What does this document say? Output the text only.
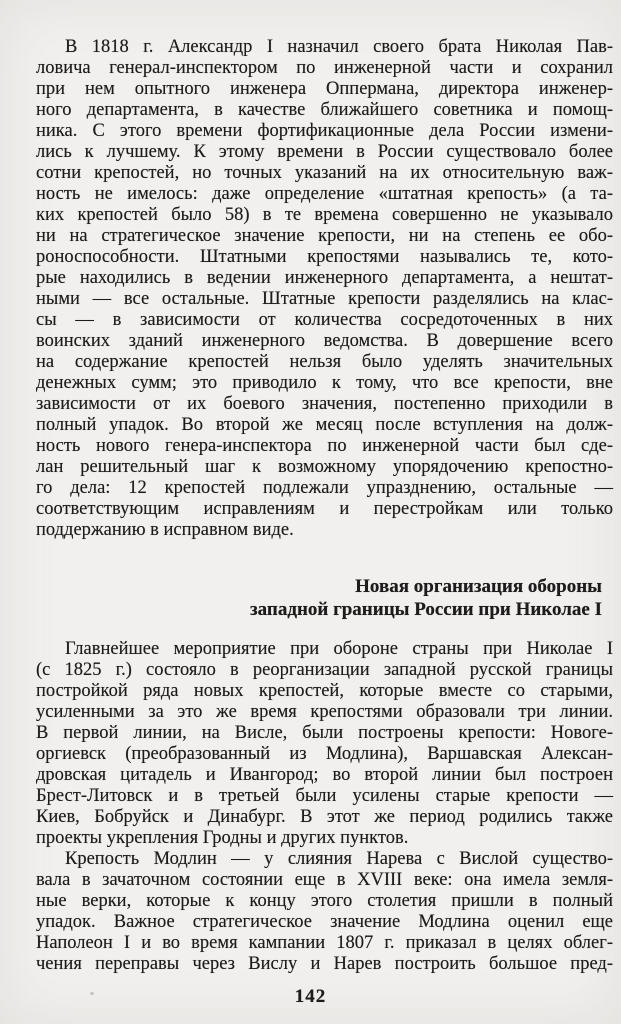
В 1818 г. Александр I назначил своего брата Николая Пав-
ловича генерал-инспектором по инженерной части и сохранил
при нем опытного инженера Оппермана, директора инженер-
ного департамента, в качестве ближайшего советника и помощ-
ника. С этого времени фортификационные дела России измени-
лись к лучшему. К этому времени в России существовало более
сотни крепостей, но точных указаний на их относительную важ-
ность не имелось: даже определение «штатная крепость» (а та-
ких крепостей было 58) в те времена совершенно не указывало
ни на стратегическое значение крепости, ни на степень ее обо-
роноспособности. Штатными крепостями назывались те, кото-
рые находились в ведении инженерного департамента, а нештат-
ными — все остальные. Штатные крепости разделялись на клас-
сы — в зависимости от количества сосредоточенных в них
воинских зданий инженерного ведомства. В довершение всего
на содержание крепостей нельзя было уделять значительных
денежных сумм; это приводило к тому, что все крепости, вне
зависимости от их боевого значения, постепенно приходили в
полный упадок. Во второй же месяц после вступления на долж-
ность нового генера-инспектора по инженерной части был сде-
лан решительный шаг к возможному упорядочению крепостно-
го дела: 12 крепостей подлежали упразднению, остальные —
соответствующим исправлениям и перестройкам или только
поддержанию в исправном виде.
Новая организация обороны
западной границы России при Николае I
Главнейшее мероприятие при обороне страны при Николае I
(с 1825 г.) состояло в реорганизации западной русской границы
постройкой ряда новых крепостей, которые вместе со старыми,
усиленными за это же время крепостями образовали три линии.
В первой линии, на Висле, были построены крепости: Новоге-
оргиевск (преобразованный из Модлина), Варшавская Алексан-
дровская цитадель и Ивангород; во второй линии был построен
Брест-Литовск и в третьей были усилены старые крепости —
Киев, Бобруйск и Динабург. В этот же период родились также
проекты укрепления Гродны и других пунктов.
Крепость Модлин — у слияния Нарева с Вислой существо-
вала в зачаточном состоянии еще в XVIII веке: она имела земля-
ные верки, которые к концу этого столетия пришли в полный
упадок. Важное стратегическое значение Модлина оценил еще
Наполеон I и во время кампании 1807 г. приказал в целях облег-
чения переправы через Вислу и Нарев построить большое пред-
142
